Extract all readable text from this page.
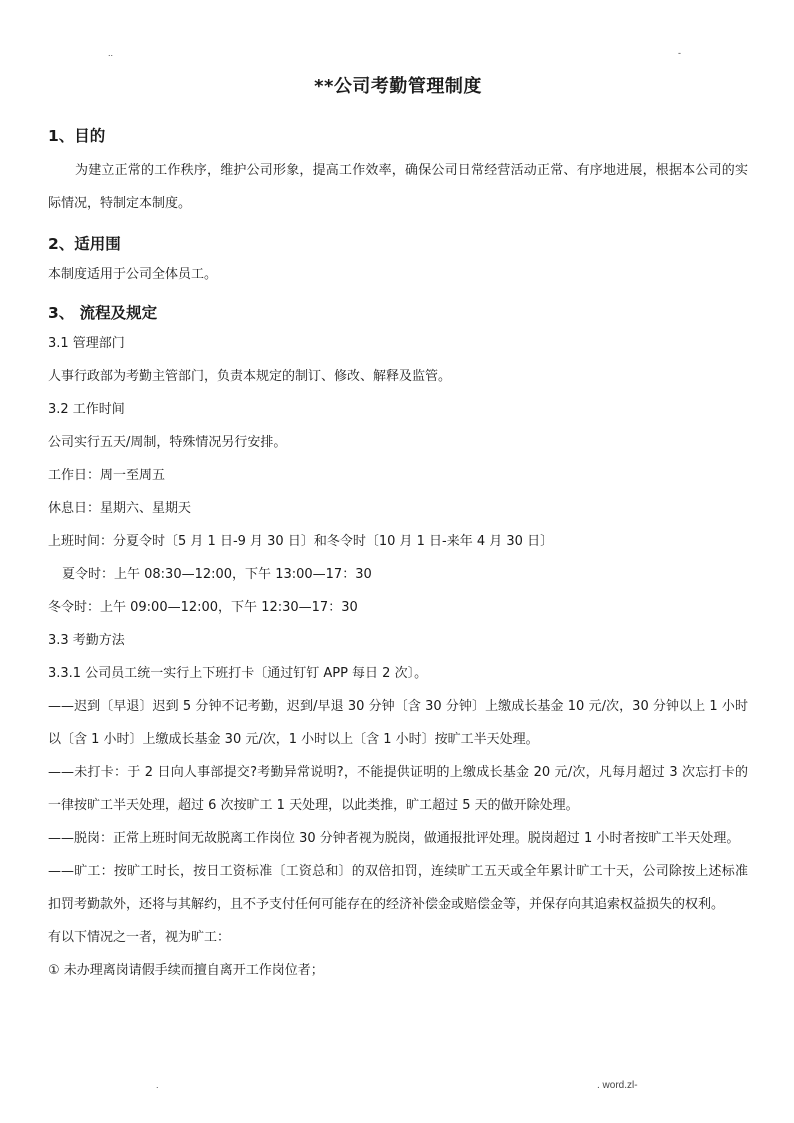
..	-

**公司考勤管理制度

1、目的

为建立正常的工作秩序，维护公司形象，提高工作效率，确保公司日常经营活动正常、有序地进展，根据本公司的实际情况，特制定本制度。

2、适用围

本制度适用于公司全体员工。

3、 流程及规定

3.1 管理部门

人事行政部为考勤主管部门，负责本规定的制订、修改、解释及监管。

3.2 工作时间

公司实行五天/周制，特殊情况另行安排。

工作日：周一至周五

休息日：星期六、星期天

上班时间：分夏令时〔5 月 1 日-9 月 30 日〕和冬令时〔10 月 1 日-来年 4 月 30 日〕

夏令时：上午 08:30—12:00，下午 13:00—17：30

冬令时：上午 09:00—12:00，下午 12:30—17：30

3.3 考勤方法

3.3.1 公司员工统一实行上下班打卡〔通过钉钉 APP 每日 2 次〕。

——迟到〔早退〕迟到 5 分钟不记考勤，迟到/早退 30 分钟〔含 30 分钟〕上缴成长基金 10 元/次，30 分钟以上 1 小时以〔含 1 小时〕上缴成长基金 30 元/次，1 小时以上〔含 1 小时〕按旷工半天处理。

——未打卡：于 2 日向人事部提交?考勤异常说明?，不能提供证明的上缴成长基金 20 元/次，凡每月超过 3 次忘打卡的一律按旷工半天处理，超过 6 次按旷工 1 天处理，以此类推，旷工超过 5 天的做开除处理。

——脱岗：正常上班时间无故脱离工作岗位 30 分钟者视为脱岗，做通报批评处理。脱岗超过 1 小时者按旷工半天处理。

——旷工：按旷工时长，按日工资标准〔工资总和〕的双倍扣罚，连续旷工五天或全年累计旷工十天，公司除按上述标准扣罚考勤款外，还将与其解约，且不予支付任何可能存在的经济补偿金或赔偿金等，并保存向其追索权益损失的权利。

有以下情况之一者，视为旷工：

① 未办理离岗请假手续而擅自离开工作岗位者；

.	. word.zl-
